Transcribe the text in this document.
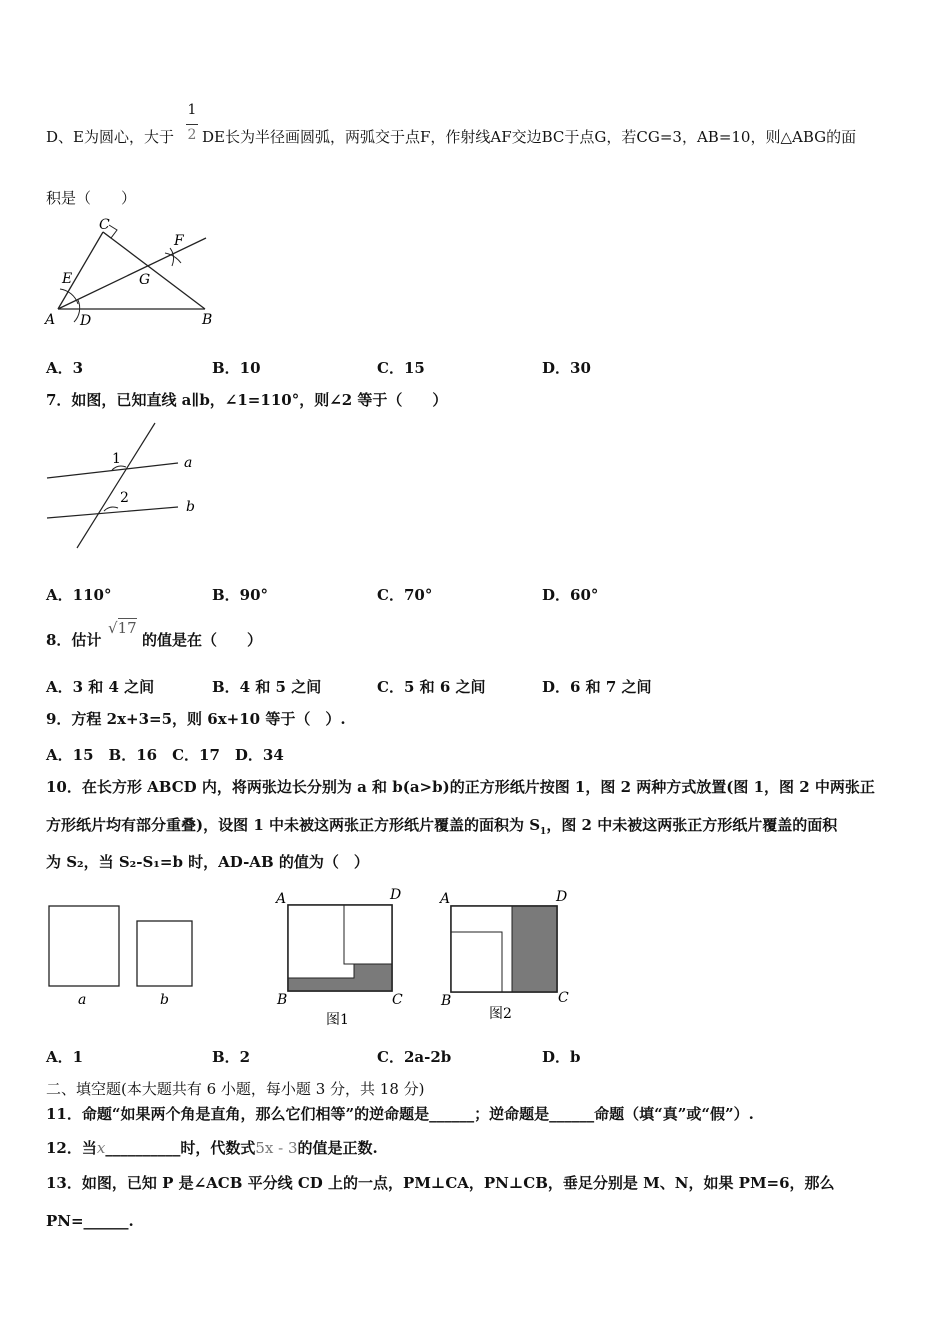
1
2
D、E为圆心，大于 DE长为半径画圆弧，两弧交于点F，作射线AF交边BC于点G，若CG=3，AB=10，则△ABG的面
积是（　　）
C
F
E	G
A D	B
1	a
2
b
a	b
A	D
B	C
图1
A	D
B	C
图2
A．3	B．10	C．15	D．30
7．如图，已知直线 a∥b，∠1=110°，则∠2 等于（　　）
A．110°	B．90°	C．70°	D．60°
8．估计
√17
的值是在（　　）
A．3 和 4 之间	B．4 和 5 之间	C．5 和 6 之间	D．6 和 7 之间
9．方程 2x+3=5，则 6x+10 等于（　）.
A．15　B．16　C．17　D．34
10．在长方形 ABCD 内，将两张边长分别为 a 和 b(a>b)的正方形纸片按图 1，图 2 两种方式放置(图 1，图 2 中两张正
方形纸片均有部分重叠)，设图 1 中未被这两张正方形纸片覆盖的面积为 $S_1$，图 2 中未被这两张正方形纸片覆盖的面积
为 S₂，当 S₂-S₁=b 时，AD-AB 的值为（　）
A．1	B．2	C．2a-2b	D．b
二、填空题(本大题共有 6 小题，每小题 3 分，共 18 分)
11．命题“如果两个角是直角，那么它们相等”的逆命题是______；逆命题是______命题（填“真”或“假”）.
12．当x__________时，代数式5x - 3的值是正数.
13．如图，已知 P 是∠ACB 平分线 CD 上的一点，PM⊥CA，PN⊥CB，垂足分别是 M、N，如果 PM=6，那么
PN=______.
